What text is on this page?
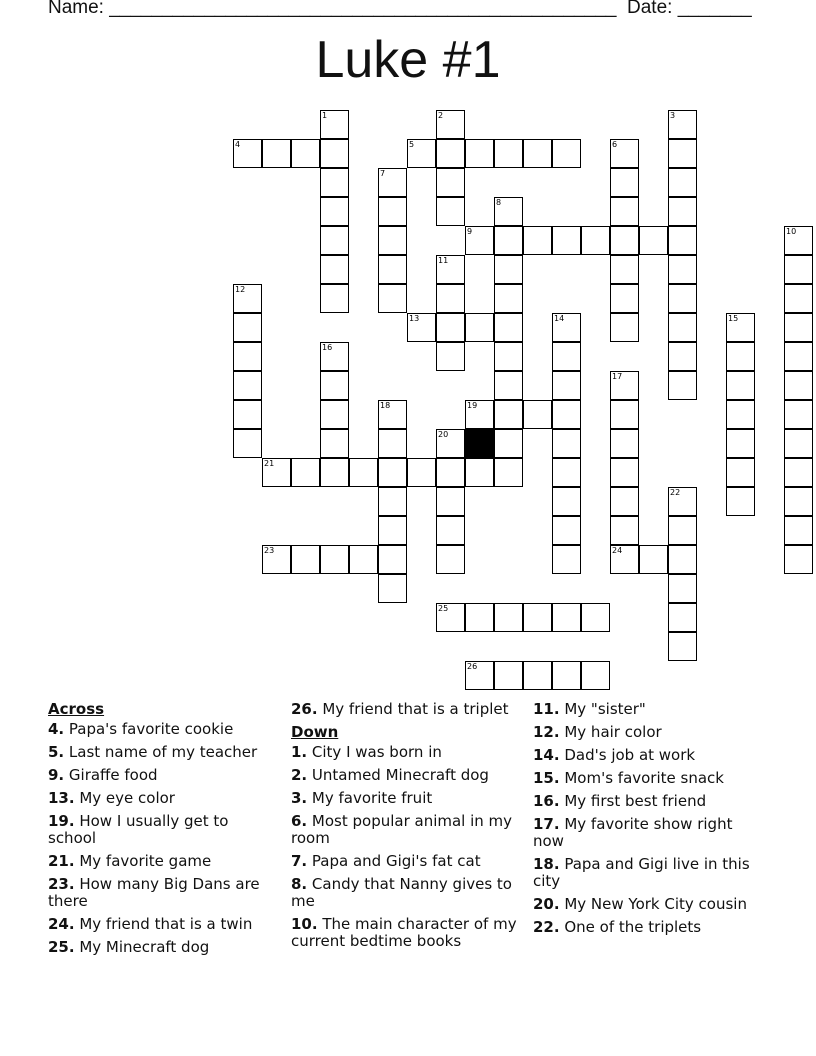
Name: ________________________________________________ Date: _______
Luke #1
1	2	3
4	5	6
7
8
9	10
11
12
13	14	15
16
17
18	19
20
21
22
23	24
25
26
Across
4. Papa's favorite cookie
5. Last name of my teacher
9. Giraffe food
13. My eye color
19. How I usually get to school
21. My favorite game
23. How many Big Dans are there
24. My friend that is a twin
25. My Minecraft dog
26. My friend that is a triplet
Down
1. City I was born in
2. Untamed Minecraft dog
3. My favorite fruit
6. Most popular animal in my room
7. Papa and Gigi's fat cat
8. Candy that Nanny gives to me
10. The main character of my current bedtime books
11. My "sister"
12. My hair color
14. Dad's job at work
15. Mom's favorite snack
16. My first best friend
17. My favorite show right now
18. Papa and Gigi live in this city
20. My New York City cousin
22. One of the triplets
